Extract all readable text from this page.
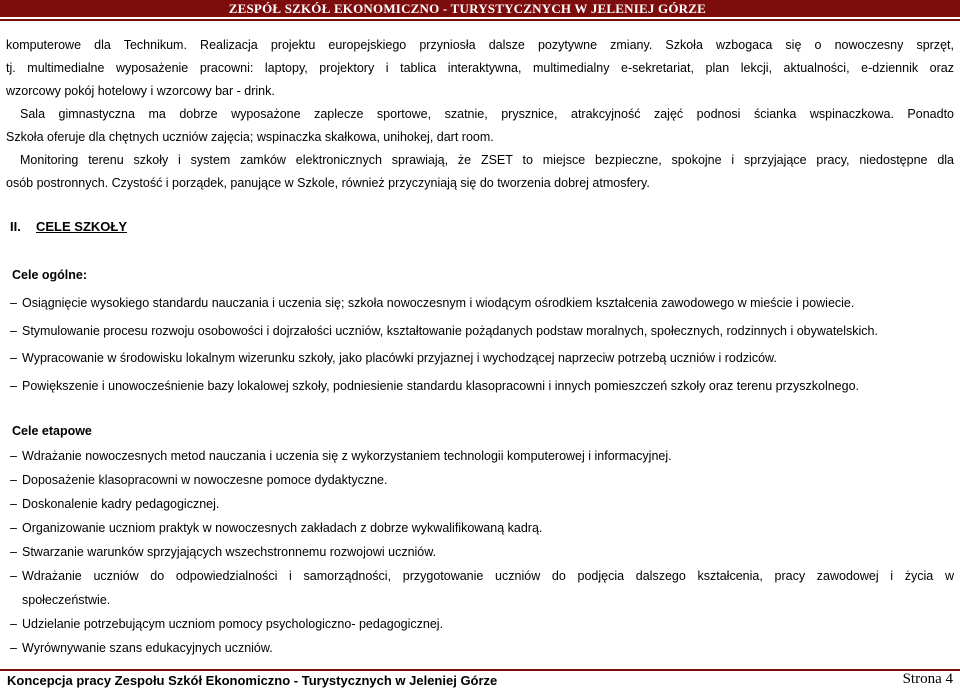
ZESPÓŁ SZKÓŁ EKONOMICZNO - TURYSTYCZNYCH W JELENIEJ GÓRZE

komputerowe dla Technikum. Realizacja projektu europejskiego przyniosła dalsze pozytywne zmiany. Szkoła wzbogaca się o nowoczesny sprzęt,

tj. multimedialne wyposażenie pracowni: laptopy, projektory i tablica interaktywna, multimedialny e-sekretariat, plan lekcji, aktualności, e-dziennik oraz

wzorcowy pokój hotelowy i wzorcowy bar - drink.

Sala gimnastyczna ma dobrze wyposażone zaplecze sportowe, szatnie, prysznice, atrakcyjność zajęć podnosi ścianka wspinaczkowa. Ponadto

Szkoła oferuje dla chętnych uczniów zajęcia; wspinaczka skałkowa, unihokej, dart room.

Monitoring terenu szkoły i system zamków elektronicznych sprawiają, że ZSET to miejsce bezpieczne, spokojne i sprzyjające pracy, niedostępne dla

osób postronnych. Czystość i porządek, panujące w Szkole, również przyczyniają się do tworzenia dobrej atmosfery.

II. CELE SZKOŁY

Cele ogólne:

– Osiągnięcie wysokiego standardu nauczania i uczenia się; szkoła nowoczesnym i wiodącym ośrodkiem kształcenia zawodowego w mieście i powiecie.
– Stymulowanie procesu rozwoju osobowości i dojrzałości uczniów, kształtowanie pożądanych podstaw moralnych, społecznych, rodzinnych i obywatelskich.
– Wypracowanie w środowisku lokalnym wizerunku szkoły, jako placówki przyjaznej i wychodzącej naprzeciw potrzebą uczniów i rodziców.
– Powiększenie i unowocześnienie bazy lokalowej szkoły, podniesienie standardu klasopracowni i innych pomieszczeń szkoły oraz terenu przyszkolnego.

Cele etapowe

– Wdrażanie nowoczesnych metod nauczania i uczenia się z wykorzystaniem technologii komputerowej i informacyjnej.
– Doposażenie klasopracowni w nowoczesne pomoce dydaktyczne.
– Doskonalenie kadry pedagogicznej.
– Organizowanie uczniom praktyk w nowoczesnych zakładach z dobrze wykwalifikowaną kadrą.
– Stwarzanie warunków sprzyjających wszechstronnemu rozwojowi uczniów.
– Wdrażanie uczniów do odpowiedzialności i samorządności, przygotowanie uczniów do podjęcia dalszego kształcenia, pracy zawodowej i życia w
społeczeństwie.
– Udzielanie potrzebującym uczniom pomocy psychologiczno- pedagogicznej.
– Wyrównywanie szans edukacyjnych uczniów.
Koncepcja pracy Zespołu Szkół Ekonomiczno - Turystycznych w Jeleniej Górze	Strona 4
